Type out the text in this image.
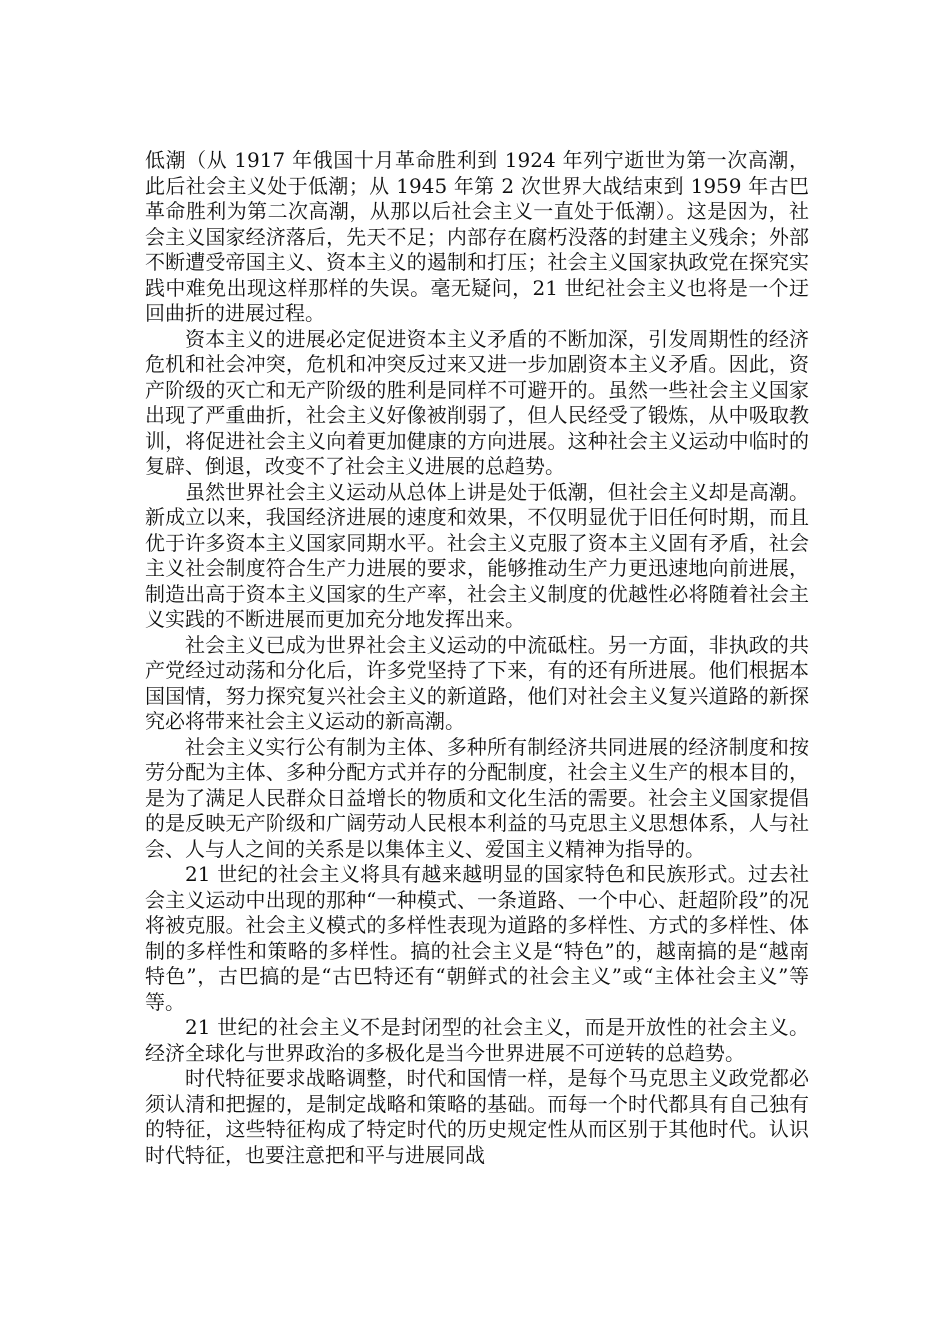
低潮（从 1917 年俄国十月革命胜利到 1924 年列宁逝世为第一次高潮，此后社会主义处于低潮；从 1945 年第 2 次世界大战结束到 1959 年古巴革命胜利为第二次高潮，从那以后社会主义一直处于低潮）。这是因为，社会主义国家经济落后，先天不足；内部存在腐朽没落的封建主义残余；外部不断遭受帝国主义、资本主义的遏制和打压；社会主义国家执政党在探究实践中难免出现这样那样的失误。毫无疑问，21 世纪社会主义也将是一个迂回曲折的进展过程。

资本主义的进展必定促进资本主义矛盾的不断加深，引发周期性的经济危机和社会冲突，危机和冲突反过来又进一步加剧资本主义矛盾。因此，资产阶级的灭亡和无产阶级的胜利是同样不可避开的。虽然一些社会主义国家出现了严重曲折，社会主义好像被削弱了，但人民经受了锻炼，从中吸取教训，将促进社会主义向着更加健康的方向进展。这种社会主义运动中临时的复辟、倒退，改变不了社会主义进展的总趋势。

虽然世界社会主义运动从总体上讲是处于低潮，但社会主义却是高潮。新成立以来，我国经济进展的速度和效果，不仅明显优于旧任何时期，而且优于许多资本主义国家同期水平。社会主义克服了资本主义固有矛盾，社会主义社会制度符合生产力进展的要求，能够推动生产力更迅速地向前进展，制造出高于资本主义国家的生产率，社会主义制度的优越性必将随着社会主义实践的不断进展而更加充分地发挥出来。

社会主义已成为世界社会主义运动的中流砥柱。另一方面，非执政的共产党经过动荡和分化后，许多党坚持了下来，有的还有所进展。他们根据本国国情，努力探究复兴社会主义的新道路，他们对社会主义复兴道路的新探究必将带来社会主义运动的新高潮。

社会主义实行公有制为主体、多种所有制经济共同进展的经济制度和按劳分配为主体、多种分配方式并存的分配制度，社会主义生产的根本目的，是为了满足人民群众日益增长的物质和文化生活的需要。社会主义国家提倡的是反映无产阶级和广阔劳动人民根本利益的马克思主义思想体系，人与社会、人与人之间的关系是以集体主义、爱国主义精神为指导的。

21 世纪的社会主义将具有越来越明显的国家特色和民族形式。过去社会主义运动中出现的那种“一种模式、一条道路、一个中心、赶超阶段”的况将被克服。社会主义模式的多样性表现为道路的多样性、方式的多样性、体制的多样性和策略的多样性。搞的社会主义是“特色”的，越南搞的是“越南特色”，古巴搞的是“古巴特还有“朝鲜式的社会主义”或“主体社会主义”等等。

21 世纪的社会主义不是封闭型的社会主义，而是开放性的社会主义。经济全球化与世界政治的多极化是当今世界进展不可逆转的总趋势。

时代特征要求战略调整，时代和国情一样，是每个马克思主义政党都必须认清和把握的，是制定战略和策略的基础。而每一个时代都具有自己独有的特征，这些特征构成了特定时代的历史规定性从而区别于其他时代。认识时代特征，也要注意把和平与进展同战
